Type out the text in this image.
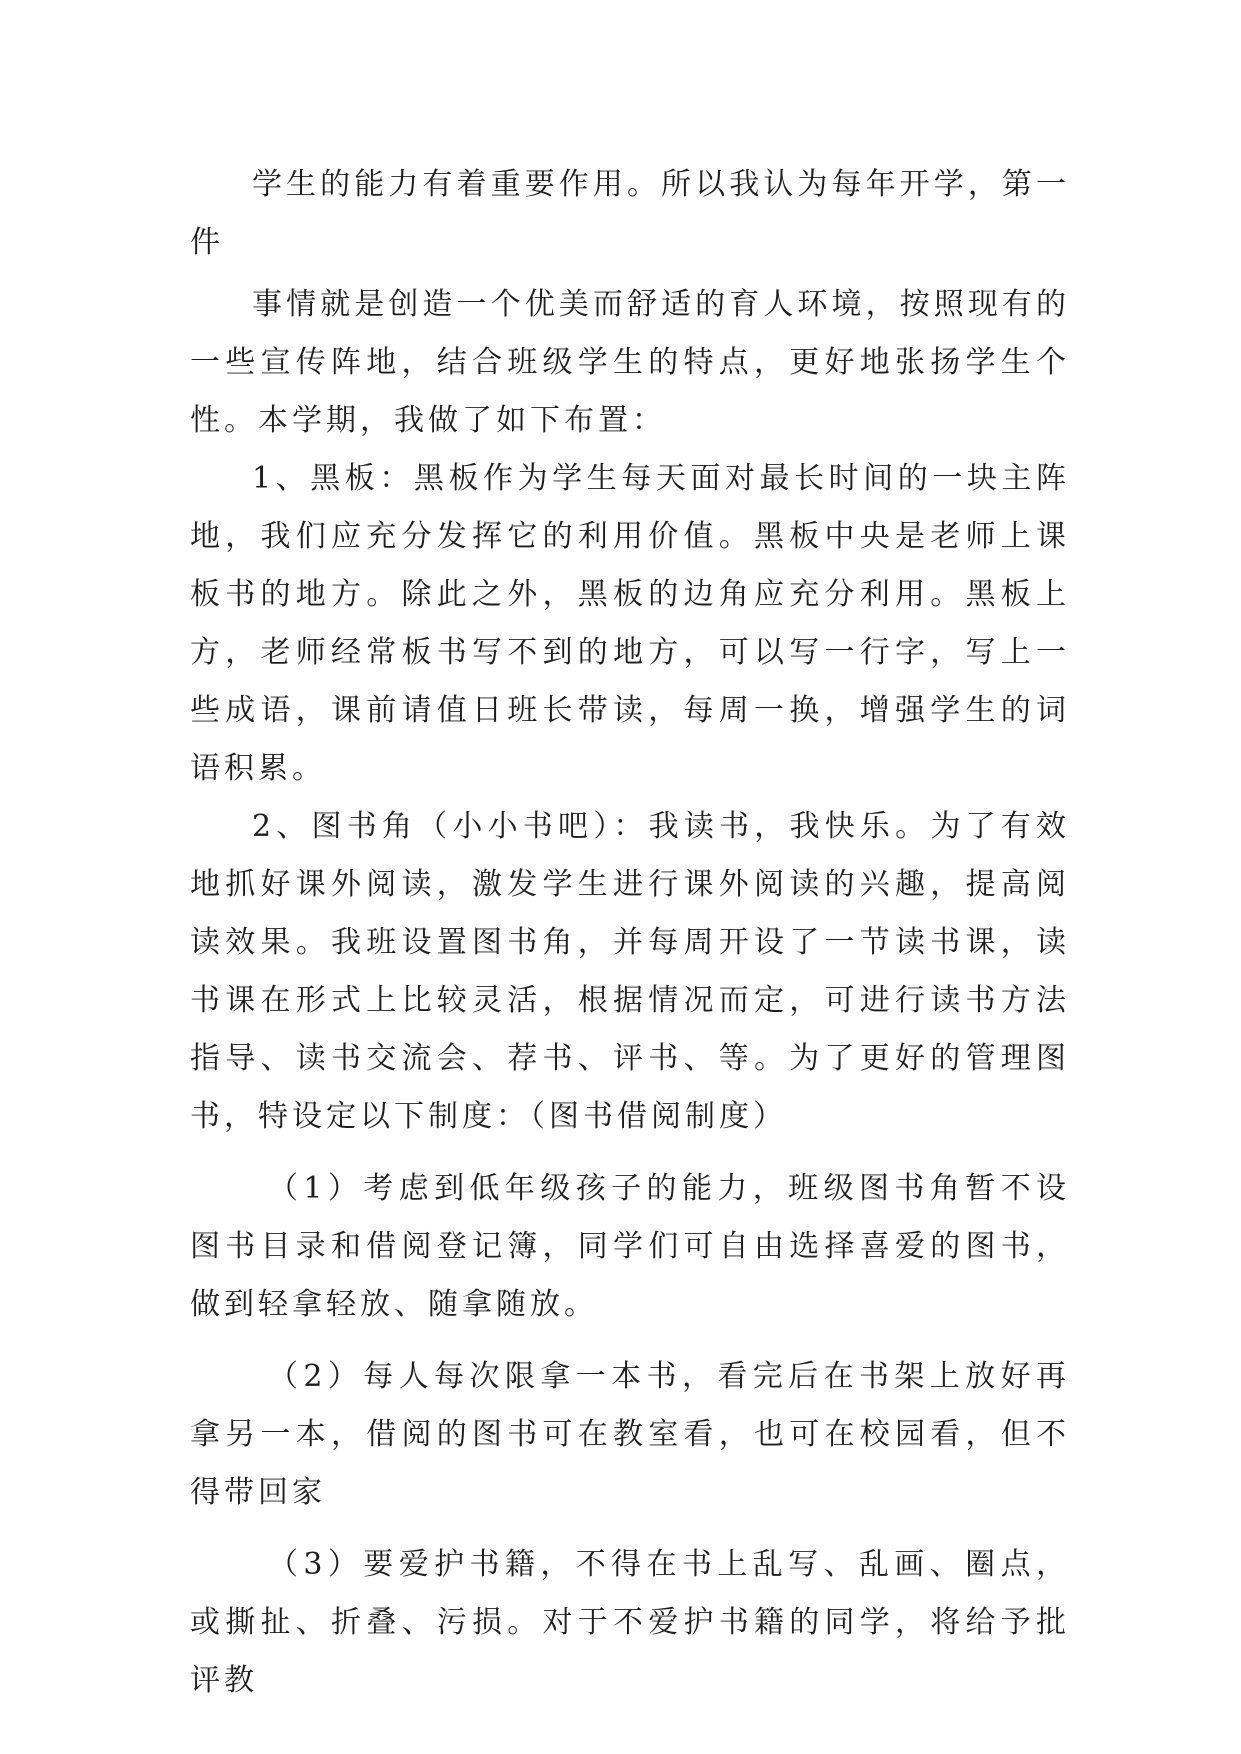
学生的能力有着重要作用。所以我认为每年开学，第一件

事情就是创造一个优美而舒适的育人环境，按照现有的一些宣传阵地，结合班级学生的特点，更好地张扬学生个性。本学期，我做了如下布置：

1、黑板：黑板作为学生每天面对最长时间的一块主阵地，我们应充分发挥它的利用价值。黑板中央是老师上课板书的地方。除此之外，黑板的边角应充分利用。黑板上方，老师经常板书写不到的地方，可以写一行字，写上一些成语，课前请值日班长带读，每周一换，增强学生的词语积累。

2、图书角（小小书吧）：我读书，我快乐。为了有效地抓好课外阅读，激发学生进行课外阅读的兴趣，提高阅读效果。我班设置图书角，并每周开设了一节读书课，读书课在形式上比较灵活，根据情况而定，可进行读书方法指导、读书交流会、荐书、评书、等。为了更好的管理图书，特设定以下制度：（图书借阅制度）

（1）考虑到低年级孩子的能力，班级图书角暂不设图书目录和借阅登记簿，同学们可自由选择喜爱的图书，做到轻拿轻放、随拿随放。

（2）每人每次限拿一本书，看完后在书架上放好再拿另一本，借阅的图书可在教室看，也可在校园看，但不得带回家

（3）要爱护书籍，不得在书上乱写、乱画、圈点，或撕扯、折叠、污损。对于不爱护书籍的同学，将给予批评教
